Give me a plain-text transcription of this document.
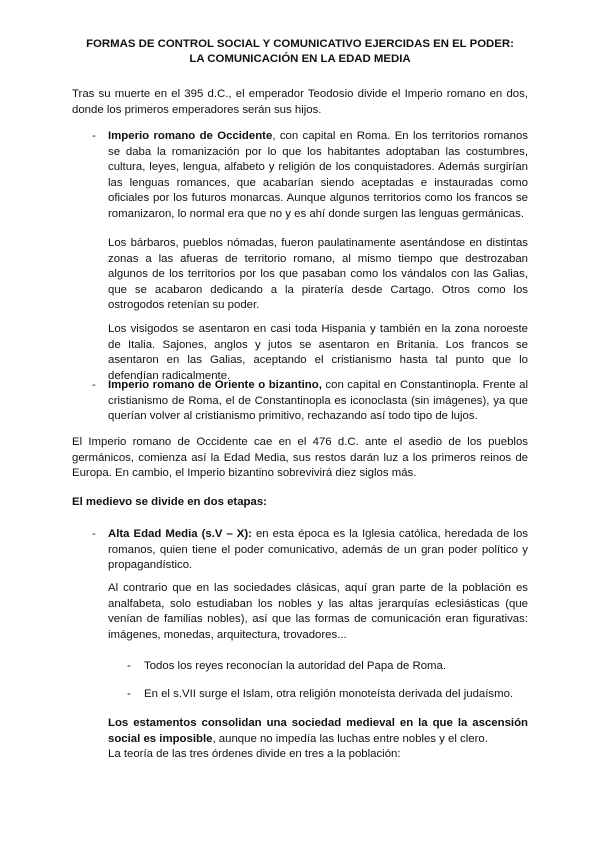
FORMAS DE CONTROL SOCIAL Y COMUNICATIVO EJERCIDAS EN EL PODER:
LA COMUNICACIÓN EN LA EDAD MEDIA

Tras su muerte en el 395 d.C., el emperador Teodosio divide el Imperio romano en dos, donde los primeros emperadores serán sus hijos.

- Imperio romano de Occidente, con capital en Roma. En los territorios romanos se daba la romanización por lo que los habitantes adoptaban las costumbres, cultura, leyes, lengua, alfabeto y religión de los conquistadores. Además surgirían las lenguas romances, que acabarían siendo aceptadas e instauradas como oficiales por los futuros monarcas. Aunque algunos territorios como los francos se romanizaron, lo normal era que no y es ahí donde surgen las lenguas germánicas.

Los bárbaros, pueblos nómadas, fueron paulatinamente asentándose en distintas zonas a las afueras de territorio romano, al mismo tiempo que destrozaban algunos de los territorios por los que pasaban como los vándalos con las Galias, que se acabaron dedicando a la piratería desde Cartago. Otros como los ostrogodos retenían su poder.

Los visigodos se asentaron en casi toda Hispania y también en la zona noroeste de Italia. Sajones, anglos y jutos se asentaron en Britania. Los francos se asentaron en las Galias, aceptando el cristianismo hasta tal punto que lo defendían radicalmente.

- Imperio romano de Oriente o bizantino, con capital en Constantinopla. Frente al cristianismo de Roma, el de Constantinopla es iconoclasta (sin imágenes), ya que querían volver al cristianismo primitivo, rechazando así todo tipo de lujos.

El Imperio romano de Occidente cae en el 476 d.C. ante el asedio de los pueblos germánicos, comienza así la Edad Media, sus restos darán luz a los primeros reinos de Europa. En cambio, el Imperio bizantino sobrevivirá diez siglos más.

El medievo se divide en dos etapas:
- Alta Edad Media (s.V – X): en esta época es la Iglesia católica, heredada de los romanos, quien tiene el poder comunicativo, además de un gran poder político y propagandístico.

Al contrario que en las sociedades clásicas, aquí gran parte de la población es analfabeta, solo estudiaban los nobles y las altas jerarquías eclesiásticas (que venían de familias nobles), así que las formas de comunicación eran figurativas: imágenes, monedas, arquitectura, trovadores...

- Todos los reyes reconocían la autoridad del Papa de Roma.

- En el s.VII surge el Islam, otra religión monoteísta derivada del judaísmo.

Los estamentos consolidan una sociedad medieval en la que la ascensión social es imposible, aunque no impedía las luchas entre nobles y el clero.

La teoría de las tres órdenes divide en tres a la población:
